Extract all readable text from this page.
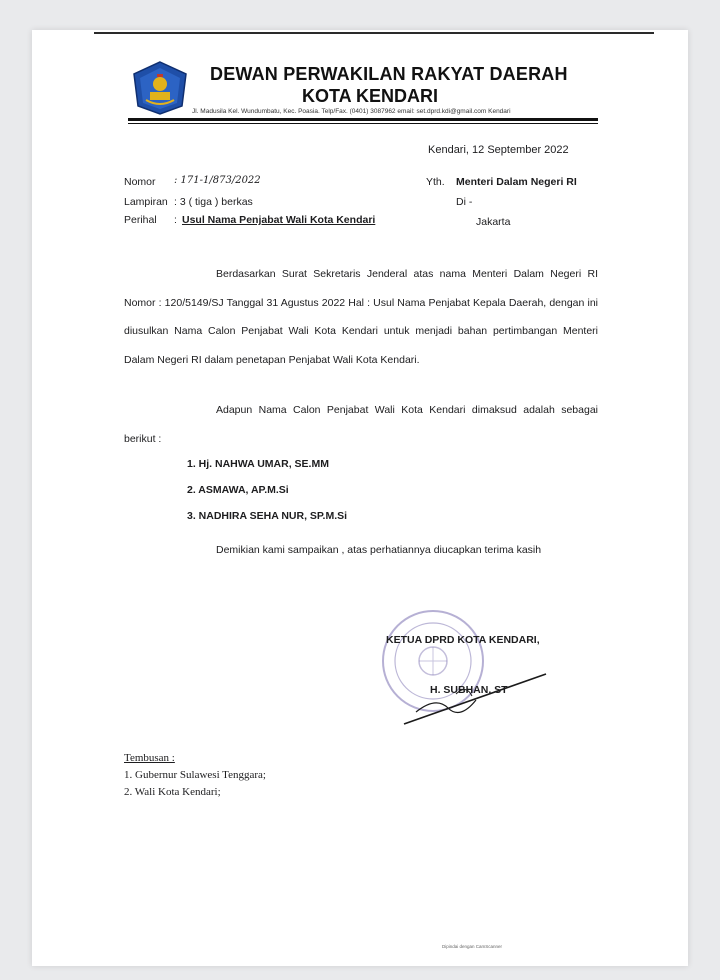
DEWAN PERWAKILAN RAKYAT DAERAH
KOTA KENDARI
Jl. Madusila Kel. Wundumbatu, Kec. Poasia. Telp/Fax. (0401) 3087962 email: set.dprd.kdi@gmail.com Kendari
Kendari, 12 September 2022
Nomor : 171-1/873/2022
Lampiran : 3 ( tiga ) berkas
Perihal : Usul Nama Penjabat Wali Kota Kendari
Yth. Menteri Dalam Negeri RI
Di -
Jakarta

Berdasarkan Surat Sekretaris Jenderal atas nama Menteri Dalam Negeri RI Nomor : 120/5149/SJ Tanggal 31 Agustus 2022 Hal : Usul Nama Penjabat Kepala Daerah, dengan ini diusulkan Nama Calon Penjabat Wali Kota Kendari untuk menjadi bahan pertimbangan Menteri Dalam Negeri RI dalam penetapan Penjabat Wali Kota Kendari.

Adapun Nama Calon Penjabat Wali Kota Kendari dimaksud adalah sebagai berikut :

1. Hj. NAHWA UMAR, SE.MM
2. ASMAWA, AP.M.Si
3. NADHIRA SEHA NUR, SP.M.Si
Demikian kami sampaikan , atas perhatiannya diucapkan terima kasih
KETUA DPRD KOTA KENDARI,
H. SUBHAN, ST
Tembusan :
1. Gubernur Sulawesi Tenggara;
2. Wali Kota Kendari;
Dipindai dengan CamScanner
